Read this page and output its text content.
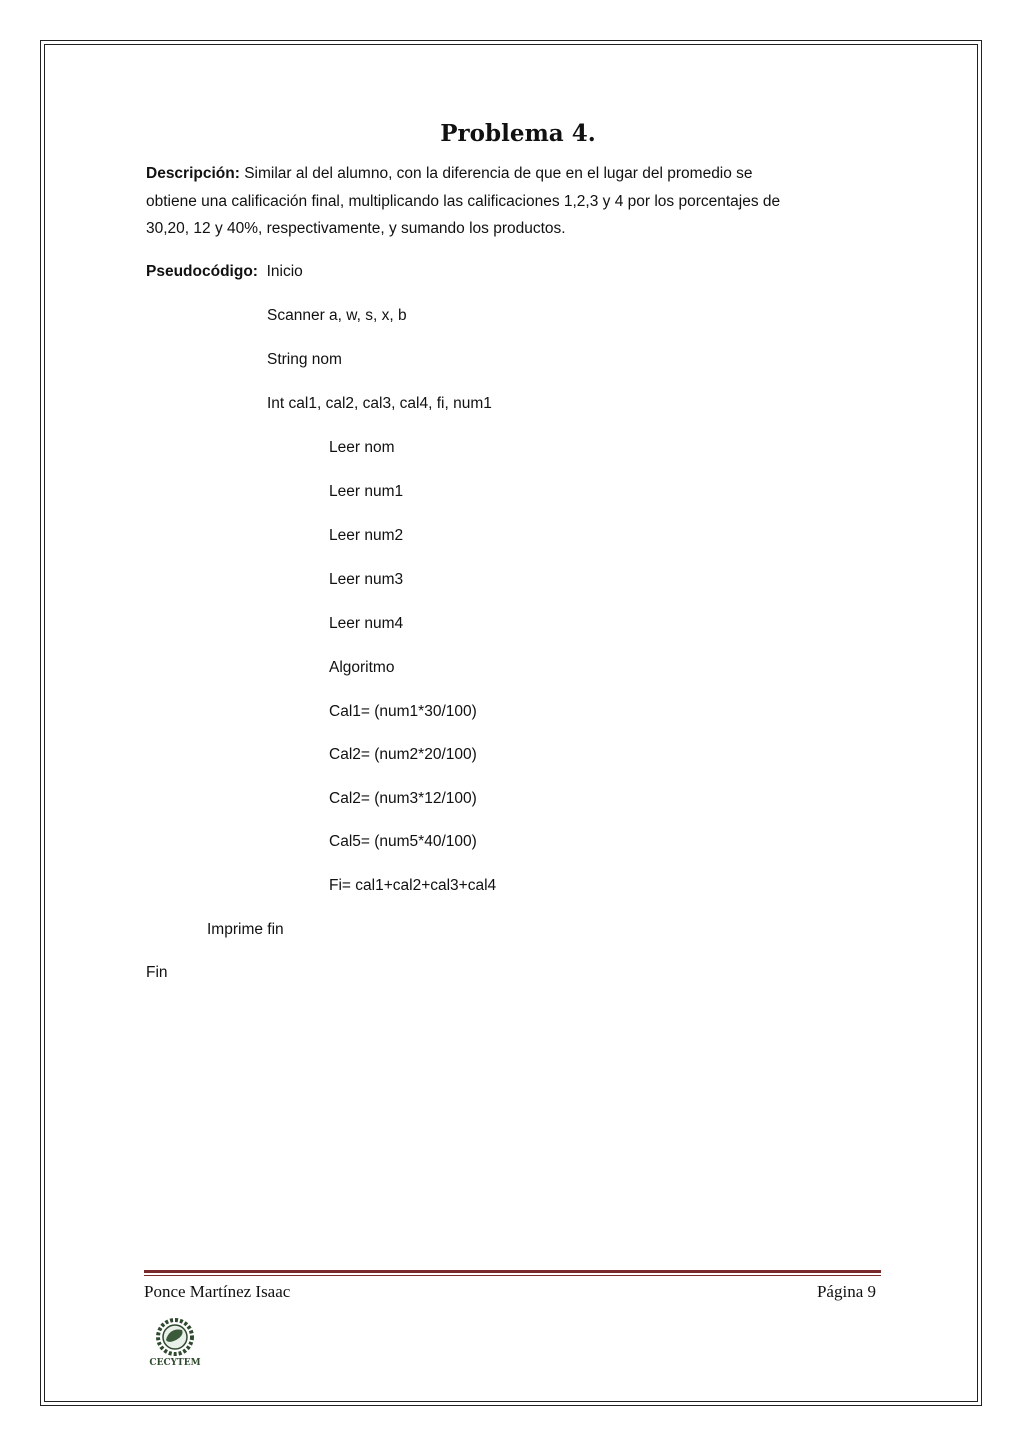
Problema 4.
Descripción: Similar al del alumno, con la diferencia de que en el lugar del promedio se
obtiene una calificación final, multiplicando las calificaciones 1,2,3 y 4 por los porcentajes de
30,20, 12 y 40%, respectivamente, y sumando los productos.
Pseudocódigo: Inicio
Scanner a, w, s, x, b
String nom
Int cal1, cal2, cal3, cal4, fi, num1
Leer nom
Leer num1
Leer num2
Leer num3
Leer num4
Algoritmo
Cal1= (num1*30/100)
Cal2= (num2*20/100)
Cal2= (num3*12/100)
Cal5= (num5*40/100)
Fi= cal1+cal2+cal3+cal4
Imprime fin
Fin
Ponce Martínez Isaac	Página 9
CECYTEM
